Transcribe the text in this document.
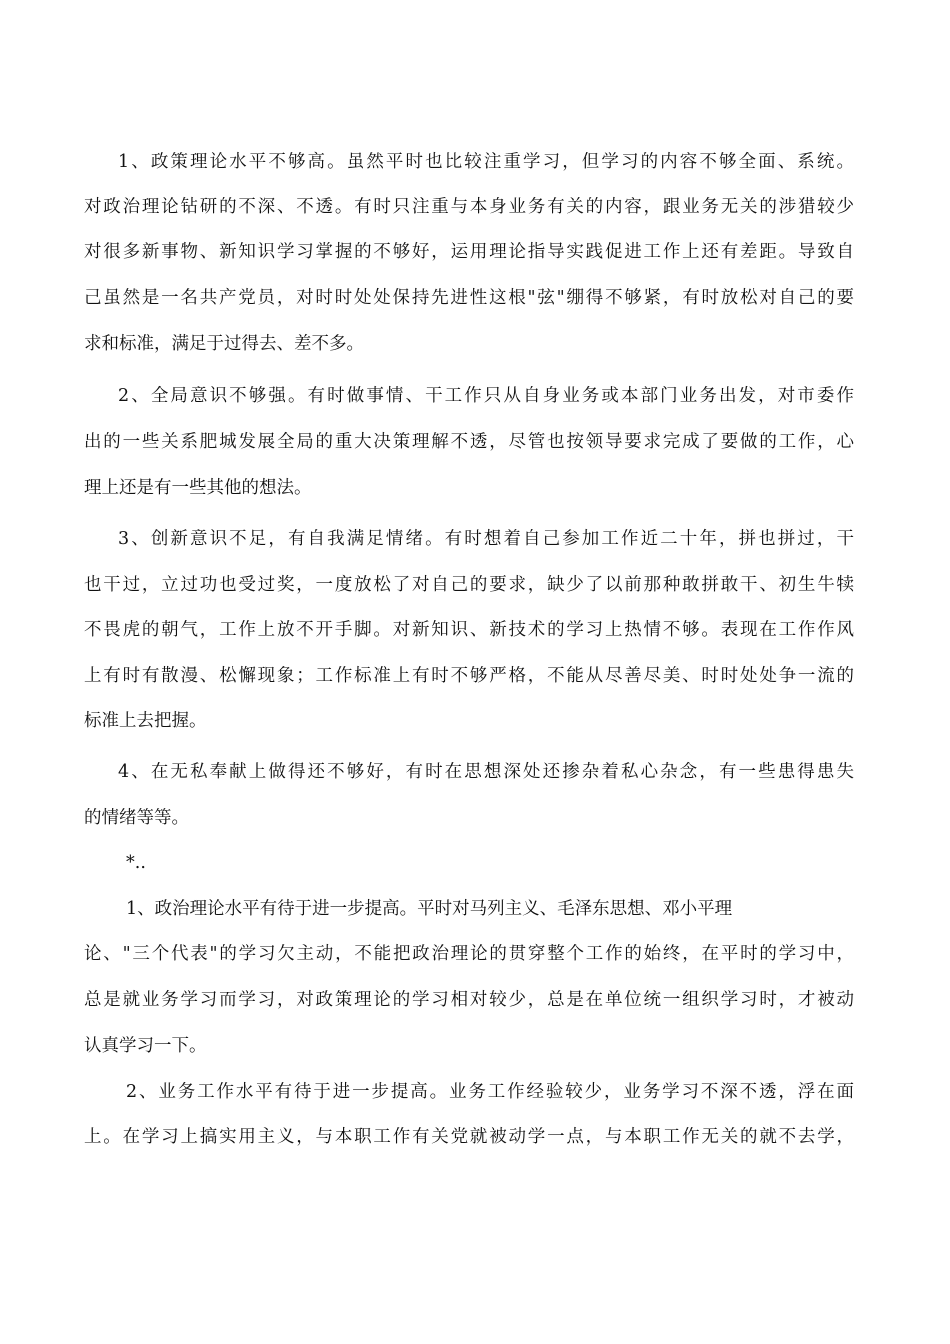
1、政策理论水平不够高。虽然平时也比较注重学习，但学习的内容不够全面、系统。
对政治理论钻研的不深、不透。有时只注重与本身业务有关的内容，跟业务无关的涉猎较少
对很多新事物、新知识学习掌握的不够好，运用理论指导实践促进工作上还有差距。导致自
己虽然是一名共产党员，对时时处处保持先进性这根"弦"绷得不够紧，有时放松对自己的要
求和标准，满足于过得去、差不多。
2、全局意识不够强。有时做事情、干工作只从自身业务或本部门业务出发，对市委作
出的一些关系肥城发展全局的重大决策理解不透，尽管也按领导要求完成了要做的工作，心
理上还是有一些其他的想法。
3、创新意识不足，有自我满足情绪。有时想着自己参加工作近二十年，拼也拼过，干
也干过，立过功也受过奖，一度放松了对自己的要求，缺少了以前那种敢拼敢干、初生牛犊
不畏虎的朝气，工作上放不开手脚。对新知识、新技术的学习上热情不够。表现在工作作风
上有时有散漫、松懈现象；工作标准上有时不够严格，不能从尽善尽美、时时处处争一流的
标准上去把握。
4、在无私奉献上做得还不够好，有时在思想深处还掺杂着私心杂念，有一些患得患失
的情绪等等。
*..
1、政治理论水平有待于进一步提高。平时对马列主义、毛泽东思想、邓小平理
论、"三个代表"的学习欠主动，不能把政治理论的贯穿整个工作的始终，在平时的学习中，
总是就业务学习而学习，对政策理论的学习相对较少，总是在单位统一组织学习时，才被动
认真学习一下。
2、业务工作水平有待于进一步提高。业务工作经验较少，业务学习不深不透，浮在面
上。在学习上搞实用主义，与本职工作有关党就被动学一点，与本职工作无关的就不去学，
